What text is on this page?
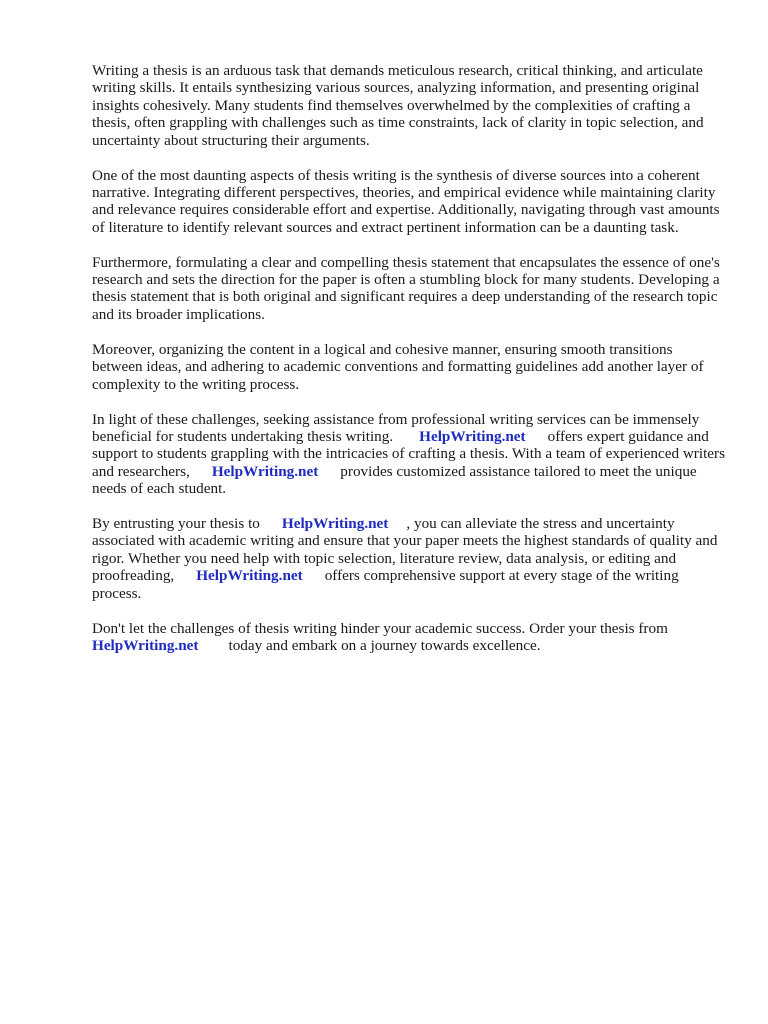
Writing a thesis is an arduous task that demands meticulous research, critical thinking, and articulate writing skills. It entails synthesizing various sources, analyzing information, and presenting original insights cohesively. Many students find themselves overwhelmed by the complexities of crafting a thesis, often grappling with challenges such as time constraints, lack of clarity in topic selection, and uncertainty about structuring their arguments.

One of the most daunting aspects of thesis writing is the synthesis of diverse sources into a coherent narrative. Integrating different perspectives, theories, and empirical evidence while maintaining clarity and relevance requires considerable effort and expertise. Additionally, navigating through vast amounts of literature to identify relevant sources and extract pertinent information can be a daunting task.

Furthermore, formulating a clear and compelling thesis statement that encapsulates the essence of one's research and sets the direction for the paper is often a stumbling block for many students. Developing a thesis statement that is both original and significant requires a deep understanding of the research topic and its broader implications.

Moreover, organizing the content in a logical and cohesive manner, ensuring smooth transitions between ideas, and adhering to academic conventions and formatting guidelines add another layer of complexity to the writing process.

In light of these challenges, seeking assistance from professional writing services can be immensely beneficial for students undertaking thesis writing. HelpWriting.net offers expert guidance and support to students grappling with the intricacies of crafting a thesis. With a team of experienced writers and researchers, HelpWriting.net provides customized assistance tailored to meet the unique needs of each student.

By entrusting your thesis to HelpWriting.net , you can alleviate the stress and uncertainty associated with academic writing and ensure that your paper meets the highest standards of quality and rigor. Whether you need help with topic selection, literature review, data analysis, or editing and proofreading, HelpWriting.net offers comprehensive support at every stage of the writing process.

Don't let the challenges of thesis writing hinder your academic success. Order your thesis from
HelpWriting.net today and embark on a journey towards excellence.
